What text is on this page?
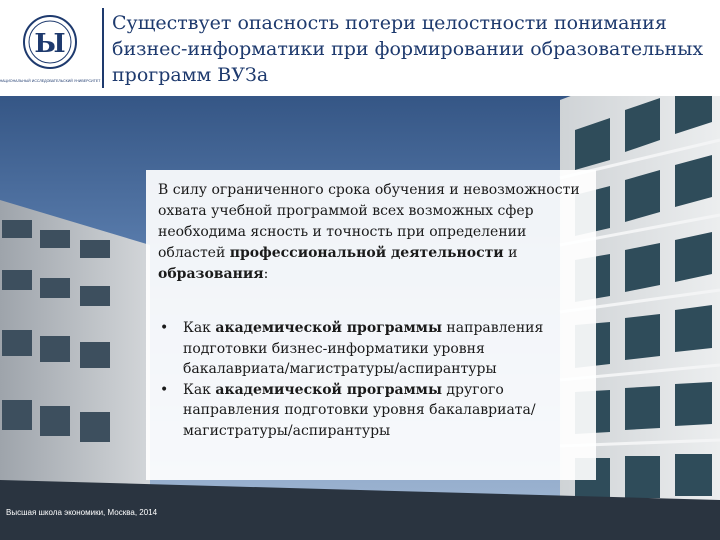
Ы
НАЦИОНАЛЬНЫЙ ИССЛЕДОВАТЕЛЬСКИЙ УНИВЕРСИТЕТ
Существует опасность потери целостности понимания бизнес-информатики при формировании образовательных программ ВУЗа
В силу ограниченного срока обучения и невозможности охвата учебной программой всех возможных сфер необходима ясность и точность при определении областей профессиональной деятельности и образования:
• Как академической программы направления подготовки бизнес-информатики уровня бакалавриата/магистратуры/аспирантуры
• Как академической программы другого направления подготовки уровня бакалавриата/магистратуры/аспирантуры
Высшая школа экономики, Москва, 2014
